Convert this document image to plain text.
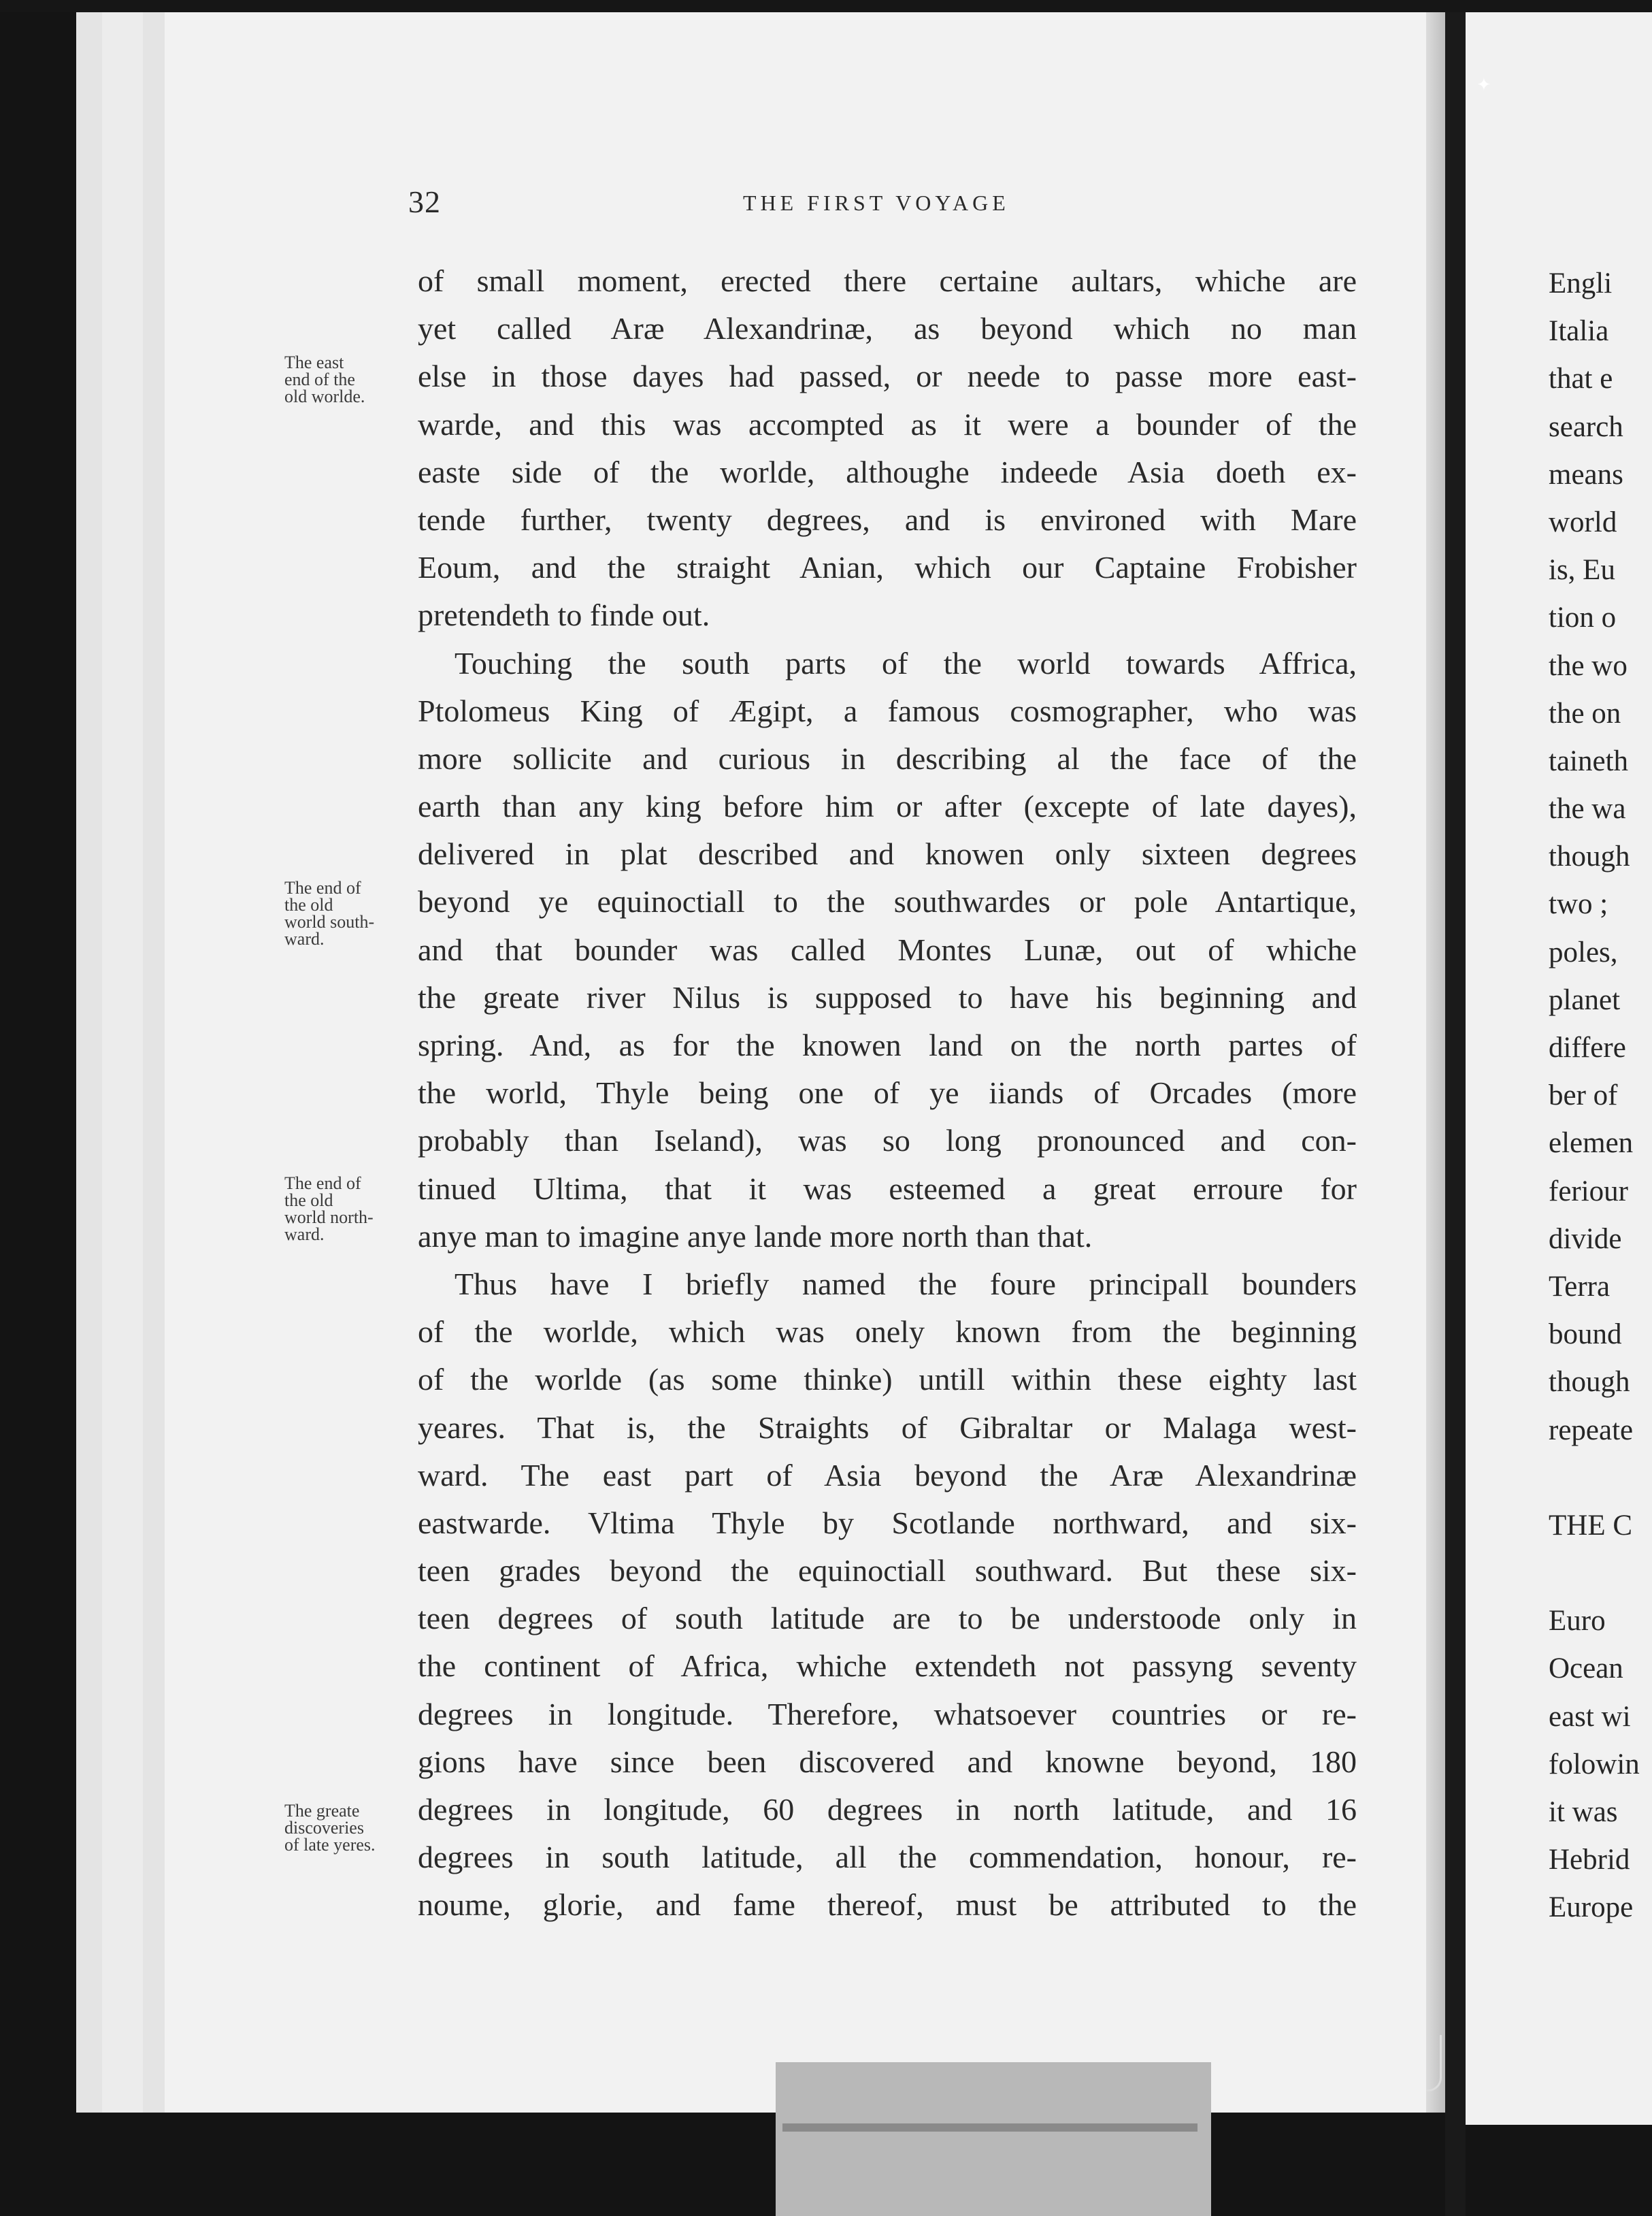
✦
32	THE FIRST VOYAGE
The east
end of the
old worlde.
The end of
the old
world south-
ward.
The end of
the old
world north-
ward.
The greate
discoveries
of late yeres.
of small moment, erected there certaine aultars, whiche are
yet called Aræ Alexandrinæ, as beyond which no man
else in those dayes had passed, or neede to passe more east-
warde, and this was accompted as it were a bounder of the
easte side of the worlde, althoughe indeede Asia doeth ex-
tende further, twenty degrees, and is environed with Mare
Eoum, and the straight Anian, which our Captaine Frobisher
pretendeth to finde out.
Touching the south parts of the world towards Affrica,
Ptolomeus King of Ægipt, a famous cosmographer, who was
more sollicite and curious in describing al the face of the
earth than any king before him or after (excepte of late dayes),
delivered in plat described and knowen only sixteen degrees
beyond ye equinoctiall to the southwardes or pole Antartique,
and that bounder was called Montes Lunæ, out of whiche
the greate river Nilus is supposed to have his beginning and
spring. And, as for the knowen land on the north partes of
the world, Thyle being one of ye iiands of Orcades (more
probably than Iseland), was so long pronounced and con-
tinued Ultima, that it was esteemed a great erroure for
anye man to imagine anye lande more north than that.
Thus have I briefly named the foure principall bounders
of the worlde, which was onely known from the beginning
of the worlde (as some thinke) untill within these eighty last
yeares. That is, the Straights of Gibraltar or Malaga west-
ward. The east part of Asia beyond the Aræ Alexandrinæ
eastwarde. Vltima Thyle by Scotlande northward, and six-
teen grades beyond the equinoctiall southward. But these six-
teen degrees of south latitude are to be understoode only in
the continent of Africa, whiche extendeth not passyng seventy
degrees in longitude. Therefore, whatsoever countries or re-
gions have since been discovered and knowne beyond, 180
degrees in longitude, 60 degrees in north latitude, and 16
degrees in south latitude, all the commendation, honour, re-
noume, glorie, and fame thereof, must be attributed to the
Engli
Italia
that e
search
means
world
is, Eu
tion o
the wo
the on
taineth
the wa
though
two ;
poles,
planet
differe
ber of
elemen
feriour
divide
Terra
bound
though
repeate
THE C
Euro
Ocean
east wi
folowin
it was
Hebrid
Europe
